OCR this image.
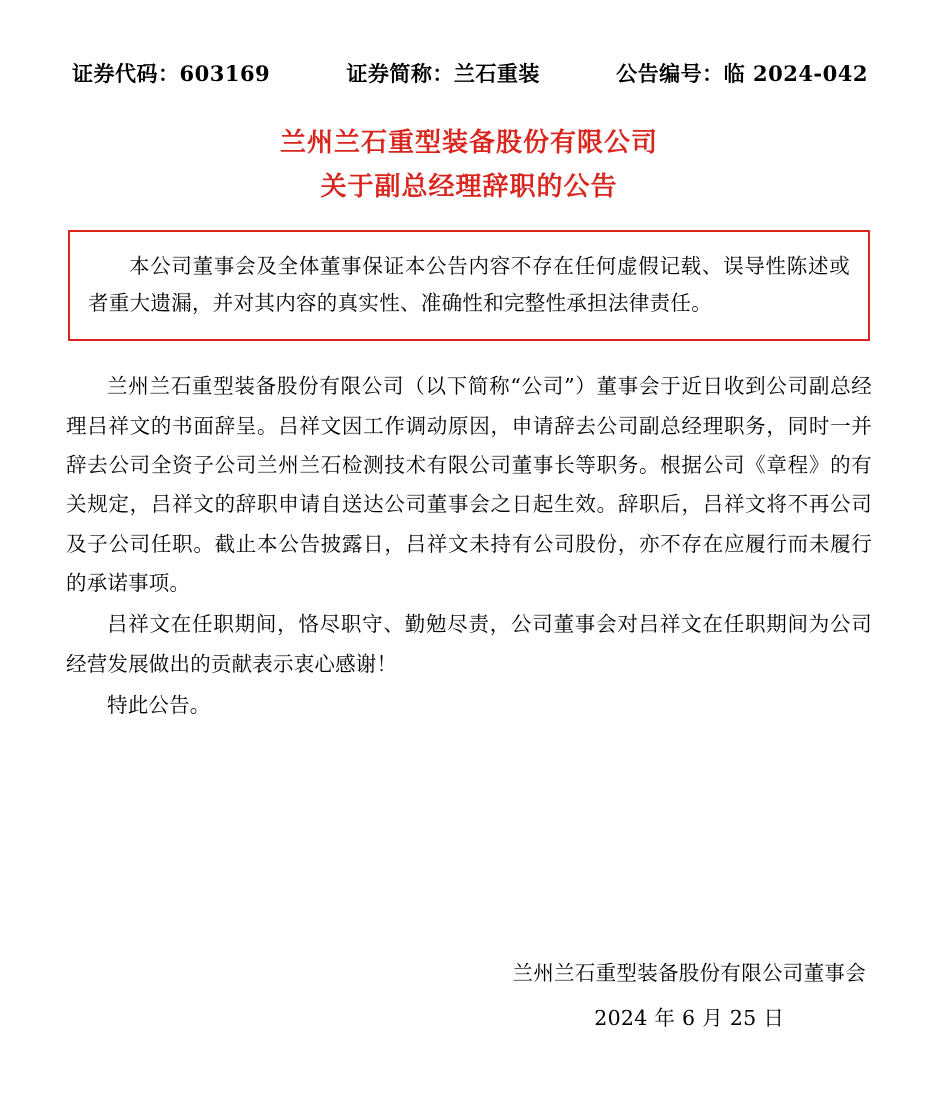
证券代码：603169	证券简称：兰石重装	公告编号：临 2024-042
兰州兰石重型装备股份有限公司
关于副总经理辞职的公告

本公司董事会及全体董事保证本公告内容不存在任何虚假记载、误导性陈述或者重大遗漏，并对其内容的真实性、准确性和完整性承担法律责任。

兰州兰石重型装备股份有限公司（以下简称“公司”）董事会于近日收到公司副总经理吕祥文的书面辞呈。吕祥文因工作调动原因，申请辞去公司副总经理职务，同时一并辞去公司全资子公司兰州兰石检测技术有限公司董事长等职务。根据公司《章程》的有关规定，吕祥文的辞职申请自送达公司董事会之日起生效。辞职后，吕祥文将不再公司及子公司任职。截止本公告披露日，吕祥文未持有公司股份，亦不存在应履行而未履行的承诺事项。

吕祥文在任职期间，恪尽职守、勤勉尽责，公司董事会对吕祥文在任职期间为公司经营发展做出的贡献表示衷心感谢！

特此公告。

兰州兰石重型装备股份有限公司董事会
2024 年 6 月 25 日
